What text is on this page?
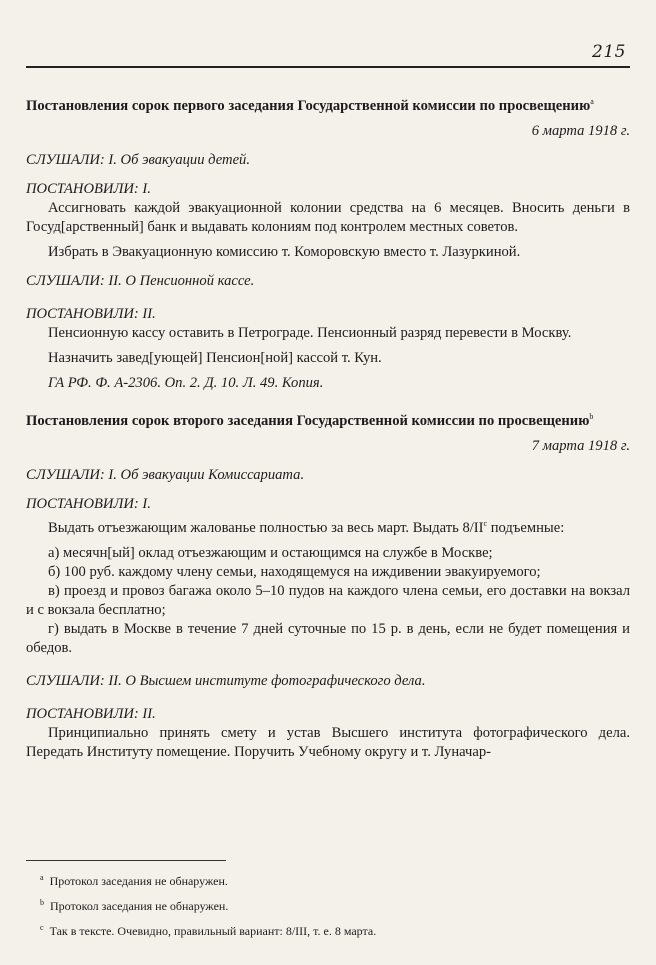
215
Постановления сорок первого заседания Государственной комиссии по просвещению$^a$
6 марта 1918 г.
СЛУШАЛИ: I. Об эвакуации детей.
ПОСТАНОВИЛИ: I.

Ассигновать каждой эвакуационной колонии средства на 6 месяцев. Вносить деньги в Госуд[арственный] банк и выдавать колониям под контролем местных советов.

Избрать в Эвакуационную комиссию т. Коморовскую вместо т. Лазуркиной.

СЛУШАЛИ: II. О Пенсионной кассе.
ПОСТАНОВИЛИ: II.

Пенсионную кассу оставить в Петрограде. Пенсионный разряд перевести в Москву.

Назначить завед[ующей] Пенсион[ной] кассой т. Кун.

ГА РФ. Ф. А-2306. Оп. 2. Д. 10. Л. 49. Копия.

Постановления сорок второго заседания Государственной комиссии по просвещению$^b$
7 марта 1918 г.
СЛУШАЛИ: I. Об эвакуации Комиссариата.
ПОСТАНОВИЛИ: I.

Выдать отъезжающим жалованье полностью за весь март. Выдать $8/II^c$ подъемные:

а) месячн[ый] оклад отъезжающим и остающимся на службе в Москве;

б) 100 руб. каждому члену семьи, находящемуся на иждивении эвакуируемого;

в) проезд и провоз багажа около 5–10 пудов на каждого члена семьи, его доставки на вокзал и с вокзала бесплатно;

г) выдать в Москве в течение 7 дней суточные по 15 р. в день, если не будет помещения и обедов.

СЛУШАЛИ: II. О Высшем институте фотографического дела.
ПОСТАНОВИЛИ: II.

Принципиально принять смету и устав Высшего института фотографического дела. Передать Институту помещение. Поручить Учебному округу и т. Луначар-

$^a$ Протокол заседания не обнаружен.
$^b$ Протокол заседания не обнаружен.
$^c$ Так в тексте. Очевидно, правильный вариант: 8/III, т. е. 8 марта.
